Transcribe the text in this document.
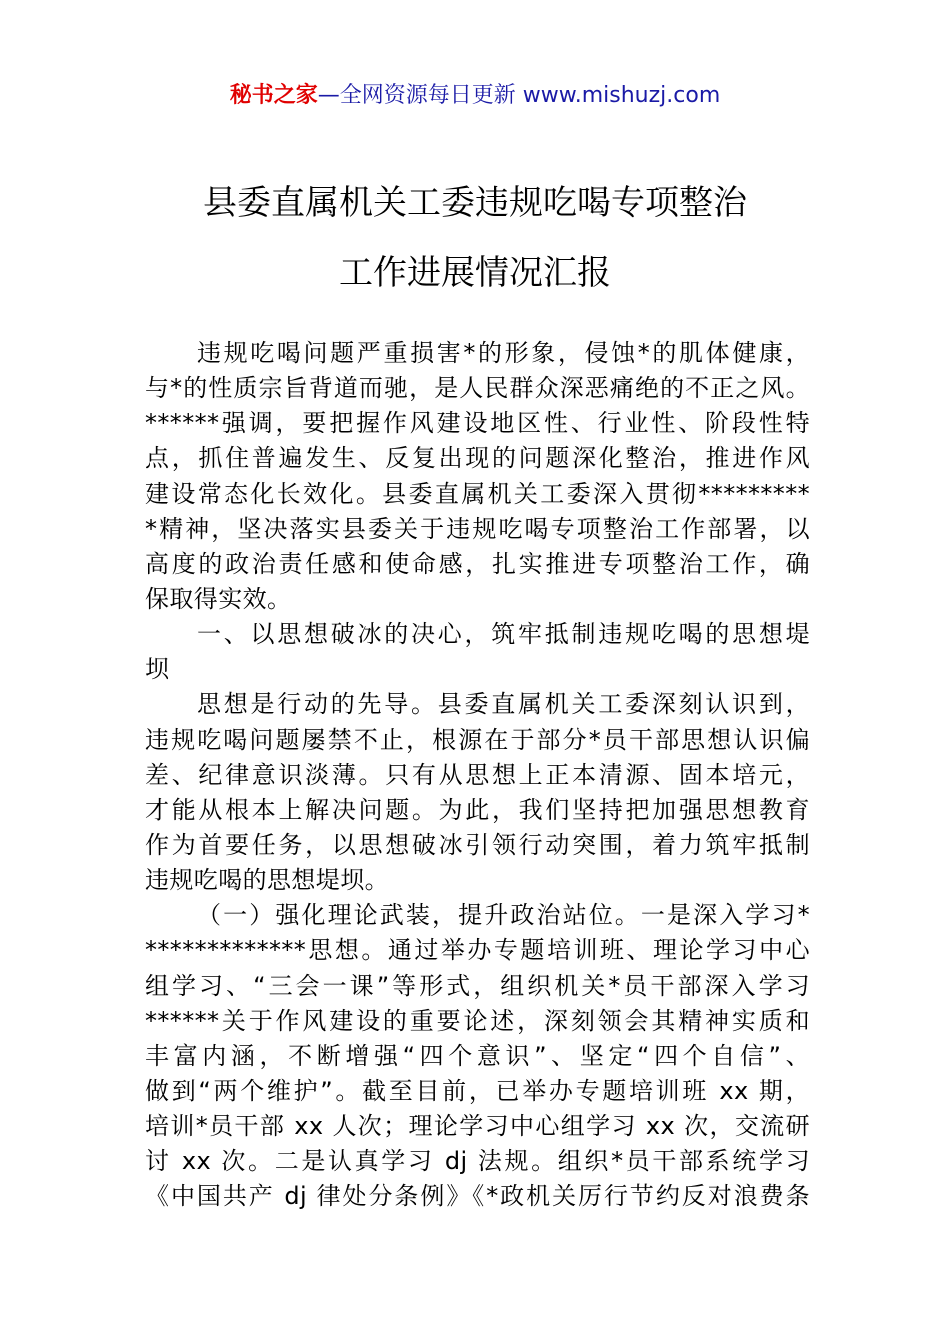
秘书之家—全网资源每日更新 www.mishuzj.com
县委直属机关工委违规吃喝专项整治
工作进展情况汇报
违规吃喝问题严重损害*的形象，侵蚀*的肌体健康，
与*的性质宗旨背道而驰，是人民群众深恶痛绝的不正之风。
******强调，要把握作风建设地区性、行业性、阶段性特
点，抓住普遍发生、反复出现的问题深化整治，推进作风
建设常态化长效化。县委直属机关工委深入贯彻*********
*精神，坚决落实县委关于违规吃喝专项整治工作部署，以
高度的政治责任感和使命感，扎实推进专项整治工作，确
保取得实效。
一、以思想破冰的决心，筑牢抵制违规吃喝的思想堤
坝
思想是行动的先导。县委直属机关工委深刻认识到，
违规吃喝问题屡禁不止，根源在于部分*员干部思想认识偏
差、纪律意识淡薄。只有从思想上正本清源、固本培元，
才能从根本上解决问题。为此，我们坚持把加强思想教育
作为首要任务，以思想破冰引领行动突围，着力筑牢抵制
违规吃喝的思想堤坝。
（一）强化理论武装，提升政治站位。一是深入学习*
*************思想。通过举办专题培训班、理论学习中心
组学习、“三会一课”等形式，组织机关*员干部深入学习
******关于作风建设的重要论述，深刻领会其精神实质和
丰富内涵，不断增强“四个意识”、坚定“四个自信”、
做到“两个维护”。截至目前，已举办专题培训班 xx 期，
培训*员干部 xx 人次；理论学习中心组学习 xx 次，交流研
讨 xx 次。二是认真学习 dj 法规。组织*员干部系统学习
《中国共产 dj 律处分条例》《*政机关厉行节约反对浪费条
